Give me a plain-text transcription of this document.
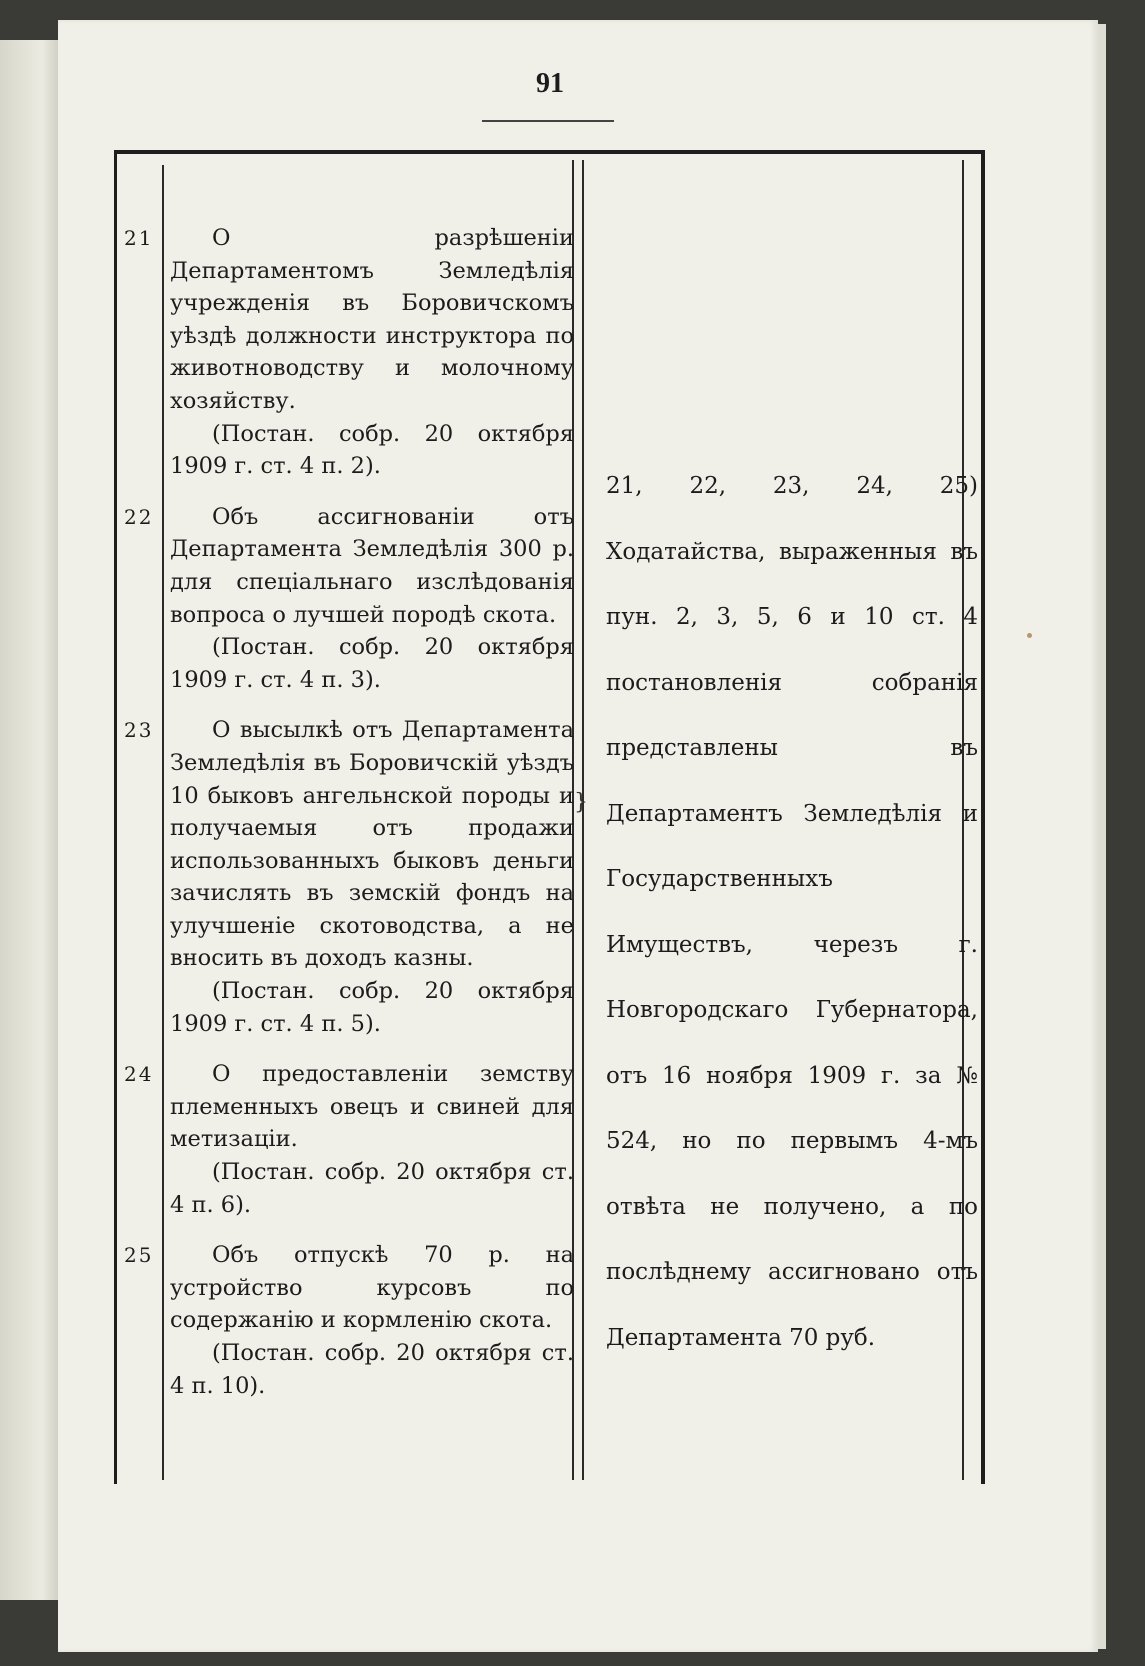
91
21	О разрѣшеніи Департаментомъ Земледѣлія учрежденія въ Боровичскомъ уѣздѣ должности инструктора по животноводству и молочному хозяйству.
(Постан. собр. 20 октября 1909 г. ст. 4 п. 2).
22	Объ ассигнованіи отъ Департамента Земледѣлія 300 р. для спеціальнаго изслѣдованія вопроса о лучшей породѣ скота.
(Постан. собр. 20 октября 1909 г. ст. 4 п. 3).
23	О высылкѣ отъ Департамента Земледѣлія въ Боровичскій уѣздъ 10 быковъ ангельнской породы и получаемыя отъ продажи использованныхъ быковъ деньги зачислять въ земскій фондъ на улучшеніе скотоводства, а не вносить въ доходъ казны.
(Постан. собр. 20 октября 1909 г. ст. 4 п. 5).
24	О предоставленіи земству племенныхъ овецъ и свиней для метизаціи.
(Постан. собр. 20 октября ст. 4 п. 6).
25	Объ отпускѣ 70 р. на устройство курсовъ по содержанію и кормленію скота.
(Постан. собр. 20 октября ст. 4 п. 10).
}
21, 22, 23, 24, 25) Ходатайства, выраженныя въ пун. 2, 3, 5, 6 и 10 ст. 4 постановленія собранія представлены въ Департаментъ Земледѣлія и Государственныхъ Имуществъ, черезъ г. Новгородскаго Губернатора, отъ 16 ноября 1909 г. за № 524, но по первымъ 4-мъ отвѣта не получено, а по послѣднему ассигновано отъ Департамента 70 руб.
